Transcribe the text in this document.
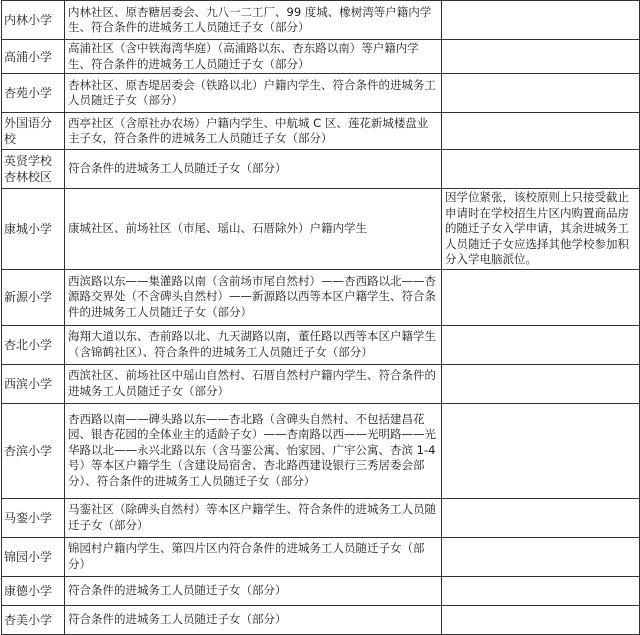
内林小学	内林社区、原杏糖居委会、九八一二工厂、99 度城、橡树湾等户籍内学生、符合条件的进城务工人员随迁子女（部分）	
高浦小学	高浦社区（含中铁海湾华庭）（高浦路以东、杏东路以南）等户籍内学生、符合条件的进城务工人员随迁子女（部分）	
杏苑小学	杏林社区、原杏堤居委会（铁路以北）户籍内学生、符合条件的进城务工人员随迁子女（部分）	
外国语分校	西亭社区（含原社办农场）户籍内学生、中航城 C 区、莲花新城楼盘业主子女，符合条件的进城务工人员随迁子女（部分）	
英贤学校杏林校区	符合条件的进城务工人员随迁子女（部分）	
康城小学	康城社区、前场社区（市尾、瑶山、石厝除外）户籍内学生	因学位紧张，该校原则上只接受截止申请时在学校招生片区内购置商品房的随迁子女入学申请，其余进城务工人员随迁子女应选择其他学校参加积分入学电脑派位。
新源小学	西滨路以东——集灌路以南（含前场市尾自然村）——杏西路以北——杏源路交界处（不含碑头自然村）——新源路以西等本区户籍学生、符合条件的进城务工人员随迁子女（部分）	
杏北小学	海翔大道以东、杏前路以北、九天湖路以南，董任路以西等本区户籍学生（含锦鹤社区）、符合条件的进城务工人员随迁子女（部分）	
西滨小学	西滨社区、前场社区中瑶山自然村、石厝自然村户籍内学生、符合条件的进城务工人员随迁子女（部分）	
杏滨小学	杏西路以南——碑头路以东——杏北路（含碑头自然村、不包括建昌花园、银杏花园的全体业主的适龄子女）——杏南路以西——光明路——光华路以北——永兴北路以东（含马銮公寓、怡家园、广宇公寓、杏滨 1-4 号）等本区户籍学生（含建设局宿舍、杏北路西建设银行三秀居委会部分）、符合条件的进城务工人员随迁子女（部分）	
马銮小学	马銮社区（除碑头自然村）等本区户籍学生、符合条件的进城务工人员随迁子女（部分）	
锦园小学	锦园村户籍内学生、第四片区内符合条件的进城务工人员随迁子女（部分）	
康德小学	符合条件的进城务工人员随迁子女（部分）	
杏美小学	符合条件的进城务工人员随迁子女（部分）	
